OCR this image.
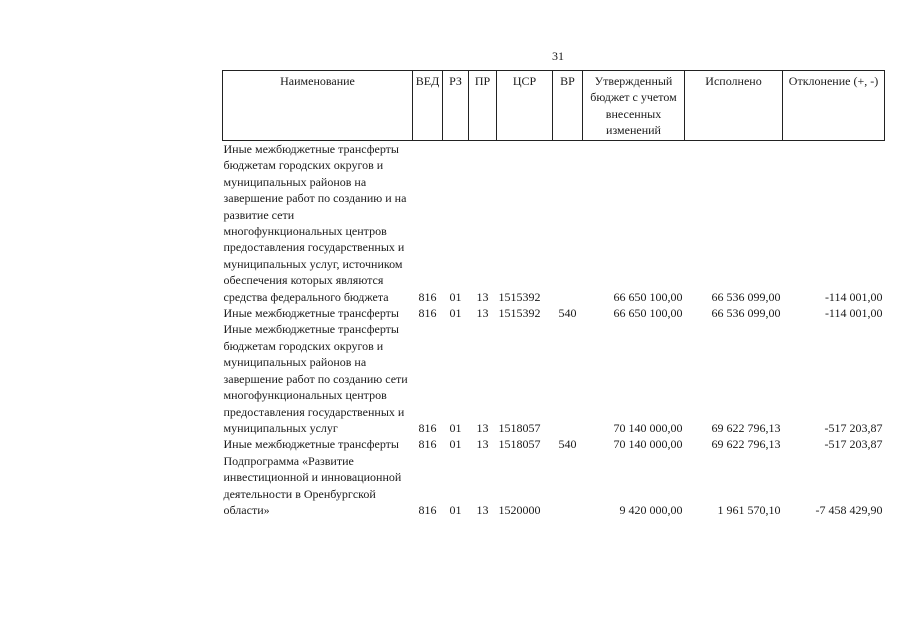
31
Наименование	ВЕД	РЗ	ПР	ЦСР	ВР	Утвержденный бюджет с учетом внесенных изменений	Исполнено	Отклонение (+, -)
Иные межбюджетные трансферты бюджетам городских округов и муниципальных районов на завершение работ по созданию и на развитие сети многофункциональных центров предоставления государственных и муниципальных услуг, источником обеспечения которых являются средства федерального бюджета	816	01	13	1515392		66 650 100,00	66 536 099,00	-114 001,00
Иные межбюджетные трансферты	816	01	13	1515392	540	66 650 100,00	66 536 099,00	-114 001,00
Иные межбюджетные трансферты бюджетам городских округов и муниципальных районов на завершение работ по созданию сети многофункциональных центров предоставления государственных и муниципальных услуг	816	01	13	1518057		70 140 000,00	69 622 796,13	-517 203,87
Иные межбюджетные трансферты	816	01	13	1518057	540	70 140 000,00	69 622 796,13	-517 203,87
Подпрограмма «Развитие инвестиционной и инновационной деятельности в Оренбургской области»	816	01	13	1520000		9 420 000,00	1 961 570,10	-7 458 429,90
